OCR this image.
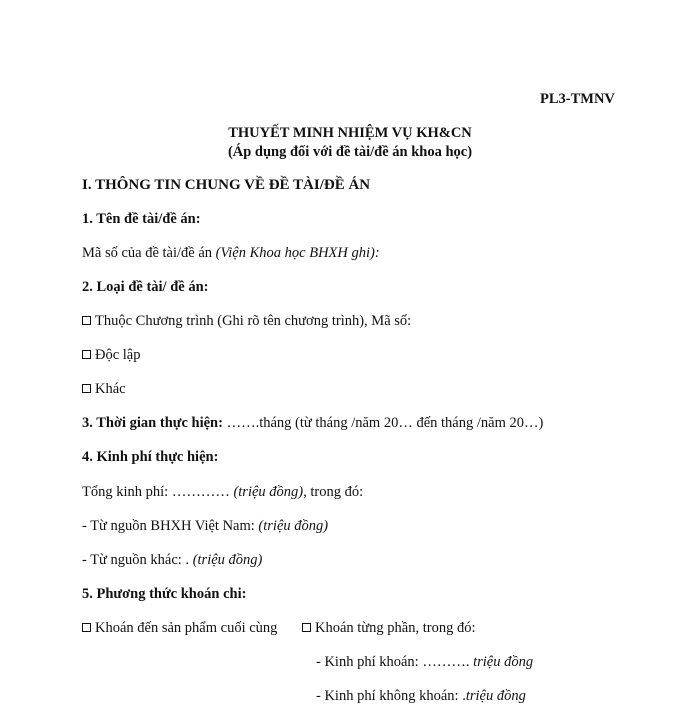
PL3-TMNV
THUYẾT MINH NHIỆM VỤ KH&CN
(Áp dụng đối với đề tài/đề án khoa học)
I. THÔNG TIN CHUNG VỀ ĐỀ TÀI/ĐỀ ÁN
1. Tên đề tài/đề án:
Mã số của đề tài/đề án (Viện Khoa học BHXH ghi):
2. Loại đề tài/ đề án:
Thuộc Chương trình (Ghi rõ tên chương trình), Mã số:
Độc lập
Khác
3. Thời gian thực hiện: …….tháng (từ tháng /năm 20… đến tháng /năm 20…)
4. Kinh phí thực hiện:
Tổng kinh phí: ………… (triệu đồng), trong đó:
- Từ nguồn BHXH Việt Nam: (triệu đồng)
- Từ nguồn khác: . (triệu đồng)
5. Phương thức khoán chi:
Khoán đến sản phẩm cuối cùng	Khoán từng phần, trong đó:
- Kinh phí khoán: ………. triệu đồng
- Kinh phí không khoán: .triệu đồng
